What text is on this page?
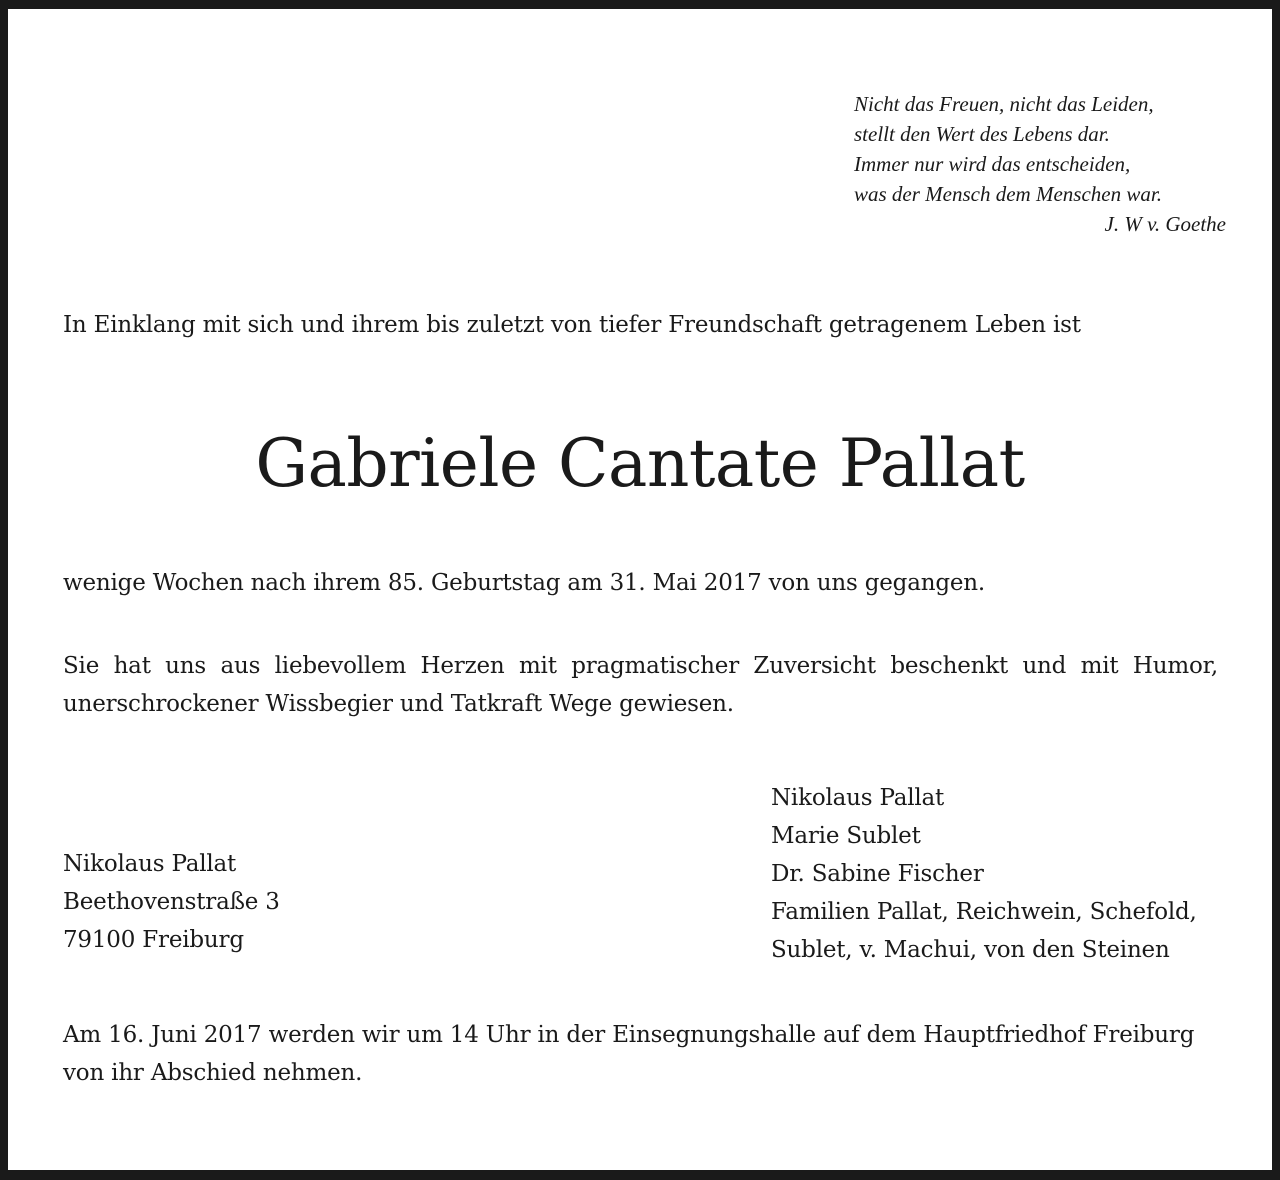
Nicht das Freuen, nicht das Leiden,
stellt den Wert des Lebens dar.
Immer nur wird das entscheiden,
was der Mensch dem Menschen war.
J. W v. Goethe

In Einklang mit sich und ihrem bis zuletzt von tiefer Freundschaft getragenem Leben ist

Gabriele Cantate Pallat

wenige Wochen nach ihrem 85. Geburtstag am 31. Mai 2017 von uns gegangen.

Sie hat uns aus liebevollem Herzen mit pragmatischer Zuversicht beschenkt und mit Humor, unerschrockener Wissbegier und Tatkraft Wege gewiesen.

Nikolaus Pallat
Beethovenstraße 3
79100 Freiburg
Nikolaus Pallat
Marie Sublet
Dr. Sabine Fischer
Familien Pallat, Reichwein, Schefold,
Sublet, v. Machui, von den Steinen

Am 16. Juni 2017 werden wir um 14 Uhr in der Einsegnungshalle auf dem Hauptfriedhof Freiburg von ihr Abschied nehmen.
